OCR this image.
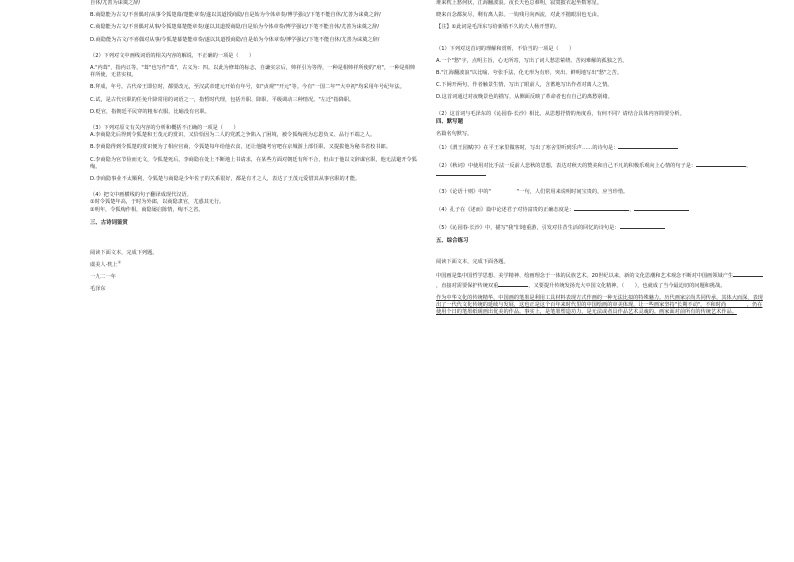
自休/尤善为诔奠之辞/

B.商隐能为古文/不喜偶对/从事令狐楚幕/楚能章奏/遂以其道授商隐/自是始为今体章奏/博学强记/下笔不能自休/尤善为诔奠之辞/

C.商隐能为古文/不喜偶对从事/令狐楚幕楚能章奏/遂以其道授商隐/自是始为今体章奏/博学强记/下笔不能自休/尤善为诔奠之辞/

D.商隐能为古文/不喜偶对从事/令狐楚幕楚能章奏/遂以其道授商隐/自是始为今体章奏/博学强记/下笔不能自休/尤善为诔奠之辞/

（2）下列对文中画线词语的相关内容的解说，不正确的一项是（　　）

A."内葺"，指内讧等。"葺"也写作"葺"，古义为：四。以此为修葺的标志，自谦实宗后，帅祥引为等得，一种是相帅祥所使的"府"，一种是相帅祥所使，无甚实权。

B.拜成，年号。古代帝王即位时，都要改元，至汉武帝建元开始有年号，如"贞观""开元"等。今有"一国二年""大中初"均采用年号纪年法。

C.试，是古代官职的任免升降常用的词语之一，指暂时代理，包括升职、降职、平级调动三种情况。"左迁"指降职。

D.贬官，指朝廷平民穿的粗布衣服，比喻没有官职。

（3）下列对原文有关内容的分析和概括不正确的一项是（　　）

A.李商隐先后得到令狐楚和王茂元的赏识，又恰恰因为二人的党派之争陷入了困境，被令狐绹视为忘恩负义、品行不端之人。

B.李商隐得到令狐楚的赏识便为了相应官商，令狐楚每年给他衣食，还让他随考官吧在京城游上部任职，又提拔他为秘书省校书郎。

C.李商隐为官节俭而无文，令狐楚死后，李商隐在处上不断地上书请求，在某些方面对朝廷有所不合，但由于他以文辞谋官职，他无法避开令狐绹。

D.李商隐事业不太顺利，令狐楚与商隐是少年佐子的关系很好，都是有才之人，表达了王茂元爱惜其从事官职的才能。

（4）把文中画横线的句子翻译成现代汉语。

①时令狐楚年高，于时为外郎，以商隐隶官，尤惑其无行。

②明年，令狐绹作相，商隐屡启陈情，绹不之省。

三、古诗词鉴赏

阅读下面文本，完成下列题。

虞美人·枕上①

一九二一年

毛泽东

堆来枕上愁何状，江海翻波浪。夜长天色总难明，寂寞披衣起坐数寒星。

晓来百念都灰尽，剩有离人影。一钩残月向西流，对此不抛眼泪也无由。

【注】①此词是毛泽东写给新婚不久的夫人杨开慧的。

（1）下列对这首词的理解和赏析，不恰当的一项是（　　）

A.一个"愁"字，点明主旨，心无所寄，写出了词人愁思萦绕、苦闷难解的孤独之苦。

B."江海翻波浪"以比喻、夸张手法，化无形为有形，突出、鲜明地写出"愁"之苦。

C.下阕开两句，作者触景生情，写出了眼前人，含蓄地写出作者对离人之情。

D.这首词通过对夜晚景色的描写，从侧面反映了革命者也有自己的离愁别绪。

（2）这首词与毛泽东的《沁园春·长沙》相比，从思想抒情的角度看，有何不同？请结合具体内容简要分析。

四、默写题

名篇名句默写。

（1）《渭王园赋序》在平王家里做客时，写出了寒舍里听到乐声……的诗句是：

（2）《秋词》中使用对比手法一反前人悲秋的思想，表达对秋天的赞美和自己不凡的积极乐观向上心情的句子是：	，

（3）《论语十则》中的"　　　　　"一句，人们常用来说明时间宝贵的，应当珍惜。

（4）孔子在《述而》篇中论述君子对待富贵的正确态度是：	，

（5）《沁园春·长沙》中，描写"我"旧地重游，引发对往昔生活的回忆的诗句是：

五、综合练习

阅读下面文本，完成下面各题。

中国画是集中国哲学思想、美学精神、绘画理念于一体的民族艺术。20世纪以来，新的文化思潮和艺术观念不断对中国画领域产生，直接对需要保护传统双重	，又要提升传统发扬光大中国文化精神。（　　），也就成了当今最迫切的问题和挑战。

作为中华文化的传统精华，中国画的笔墨是利用工具材料表现方式作画的一种无法比拟的特殊魅力。历代画家宗尚共同传承，其体大而深，表现出了一代代文化传统的延续与发展，这也正是这个百年来时代里的中国绘画的审美体现，让一些画家坚持"长期不动"，不和时尚　　　　，仍在使用个日的笔墨纸砚画出优美的作品。事实上，是笔墨塑造功力，是无法或者具作品艺术灵魂的。画家面对前所有的传统艺术作品。
